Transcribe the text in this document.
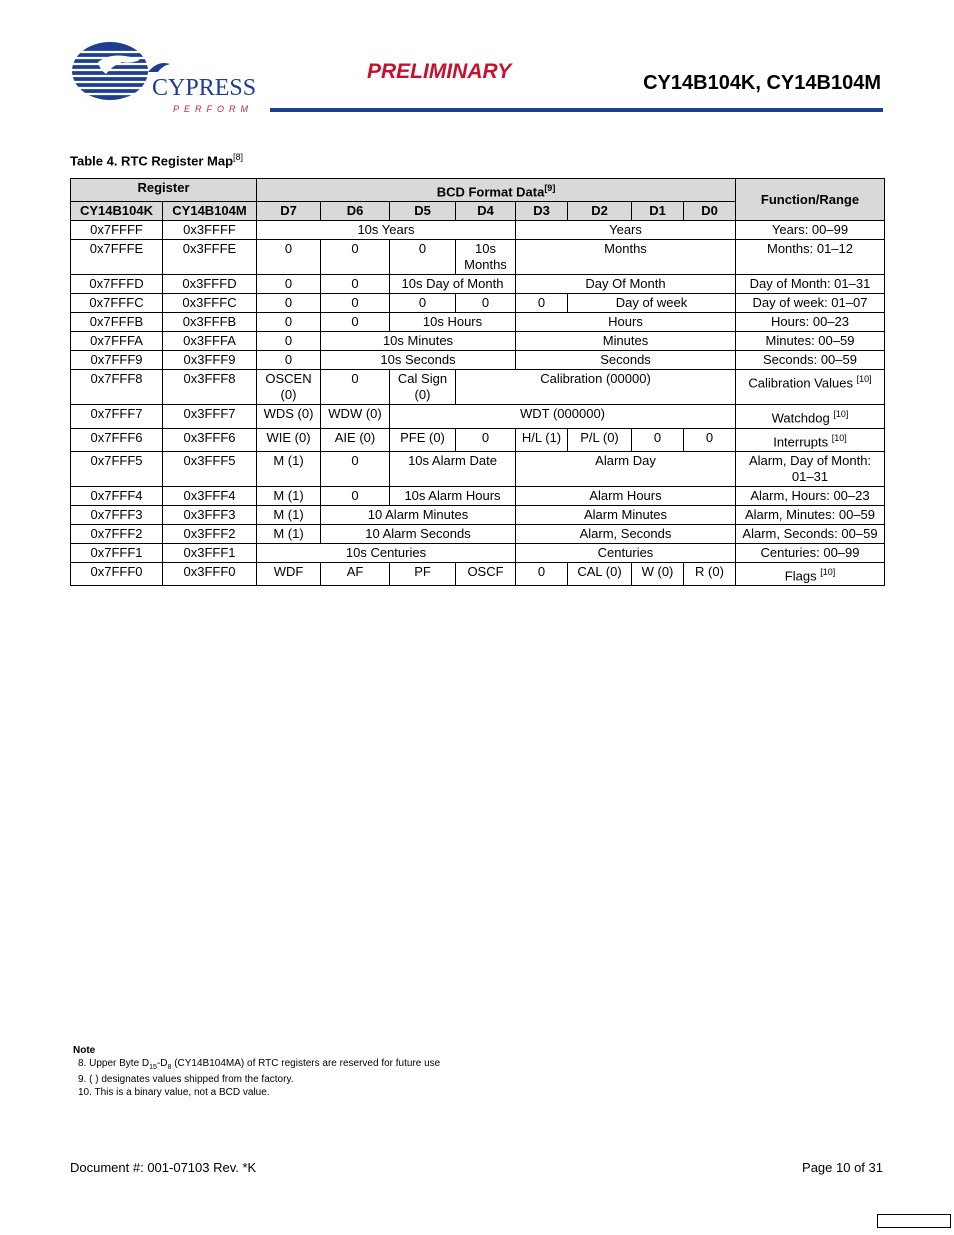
CYPRESS
PERFORM
PRELIMINARY	CY14B104K, CY14B104M
Table 4. RTC Register Map[8]
Register		BCD Format Data[9]								Function/Range
CY14B104K	CY14B104M	D7	D6	D5	D4	D3	D2	D1	D0	
0x7FFFF	0x3FFFF	10s Years				Years				Years: 00–99
0x7FFFE	0x3FFFE	0	0	0	10s Months	Months				Months: 01–12
0x7FFFD	0x3FFFD	0	0	10s Day of Month		Day Of Month				Day of Month: 01–31
0x7FFFC	0x3FFFC	0	0	0	0	0	Day of week			Day of week: 01–07
0x7FFFB	0x3FFFB	0	0	10s Hours		Hours				Hours: 00–23
0x7FFFA	0x3FFFA	0	10s Minutes			Minutes				Minutes: 00–59
0x7FFF9	0x3FFF9	0	10s Seconds			Seconds				Seconds: 00–59
0x7FFF8	0x3FFF8	OSCEN (0)	0	Cal Sign (0)	Calibration (00000)					Calibration Values [10]
0x7FFF7	0x3FFF7	WDS (0)	WDW (0)	WDT (000000)						Watchdog [10]
0x7FFF6	0x3FFF6	WIE (0)	AIE (0)	PFE (0)	0	H/L (1)	P/L (0)	0	0	Interrupts [10]
0x7FFF5	0x3FFF5	M (1)	0	10s Alarm Date		Alarm Day				Alarm, Day of Month: 01–31
0x7FFF4	0x3FFF4	M (1)	0	10s Alarm Hours		Alarm Hours				Alarm, Hours: 00–23
0x7FFF3	0x3FFF3	M (1)	10 Alarm Minutes			Alarm Minutes				Alarm, Minutes: 00–59
0x7FFF2	0x3FFF2	M (1)	10 Alarm Seconds			Alarm, Seconds				Alarm, Seconds: 00–59
0x7FFF1	0x3FFF1	10s Centuries				Centuries				Centuries: 00–99
0x7FFF0	0x3FFF0	WDF	AF	PF	OSCF	0	CAL (0)	W (0)	R (0)	Flags [10]
Note
8. Upper Byte $D_{15}-D_8$ (CY14B104MA) of RTC registers are reserved for future use
9. ( ) designates values shipped from the factory.
10. This is a binary value, not a BCD value.
Document #: 001-07103 Rev. *K	Page 10 of 31
